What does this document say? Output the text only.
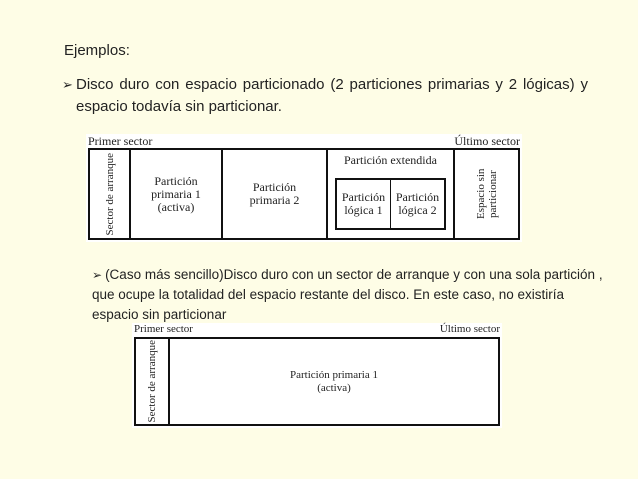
Ejemplos:
➢ Disco duro con espacio particionado (2 particiones primarias y 2 lógicas) y espacio todavía sin particionar.
Primer sector	Último sector
Sector de arranque	Partición primaria 1 (activa)
Partición primaria 2
Partición extendida
Partición lógica 1
Partición lógica 2	Espacio sin particionar
➢ (Caso más sencillo)Disco duro con un sector de arranque y con una sola partición , que ocupe la totalidad del espacio restante del disco. En este caso, no existiría espacio sin particionar
Primer sector	Último sector
Sector de arranque	Partición primaria 1 (activa)
